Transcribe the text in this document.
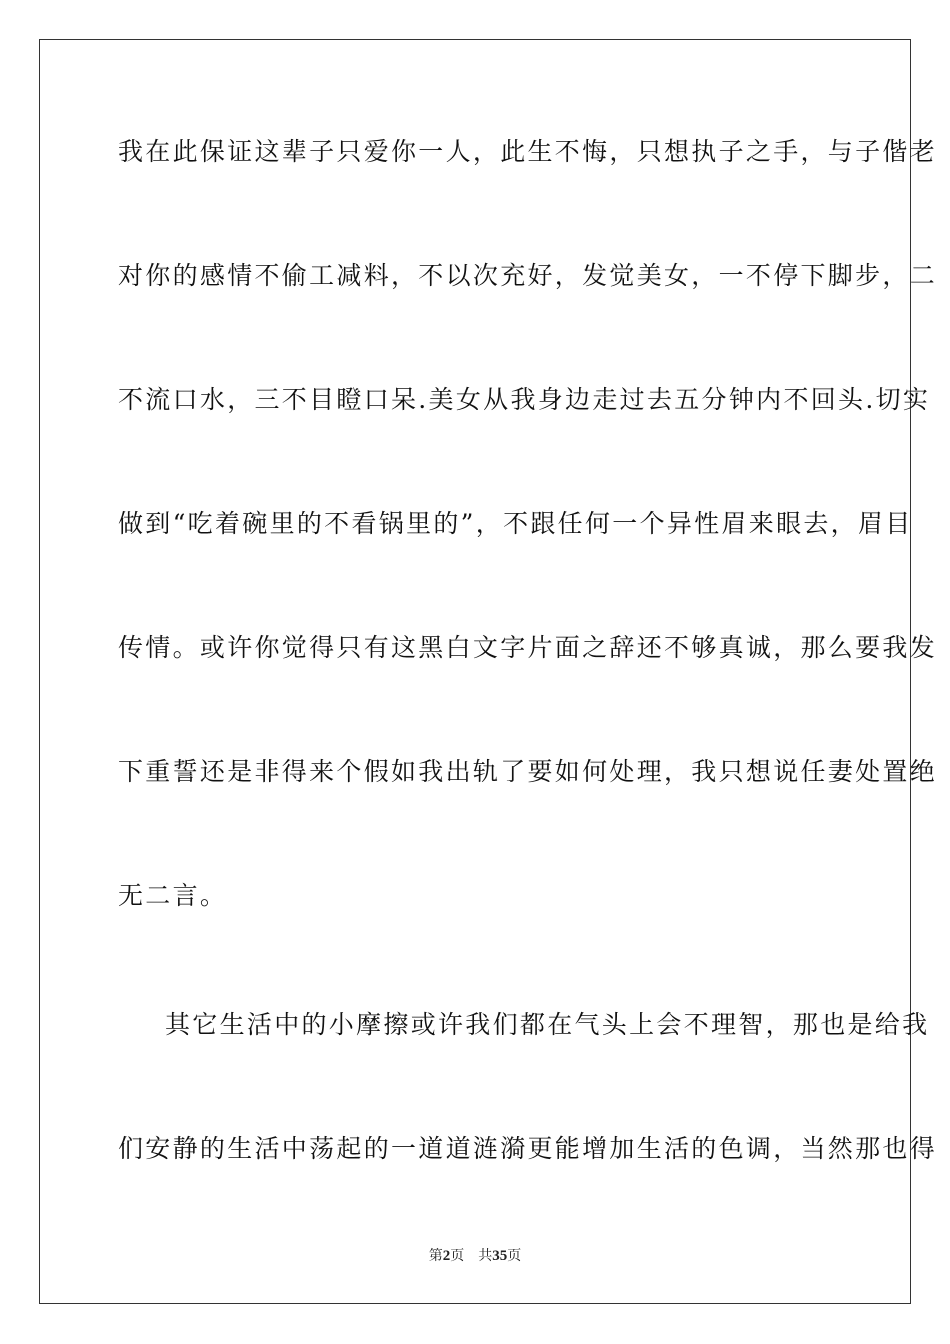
我在此保证这辈子只爱你一人，此生不悔，只想执子之手，与子偕老
对你的感情不偷工减料，不以次充好，发觉美女，一不停下脚步，二
不流口水，三不目瞪口呆.美女从我身边走过去五分钟内不回头.切实
做到“吃着碗里的不看锅里的”，不跟任何一个异性眉来眼去，眉目
传情。或许你觉得只有这黑白文字片面之辞还不够真诚，那么要我发
下重誓还是非得来个假如我出轨了要如何处理，我只想说任妻处置绝
无二言。
其它生活中的小摩擦或许我们都在气头上会不理智，那也是给我
们安静的生活中荡起的一道道涟漪更能增加生活的色调，当然那也得
第2页 共35页
